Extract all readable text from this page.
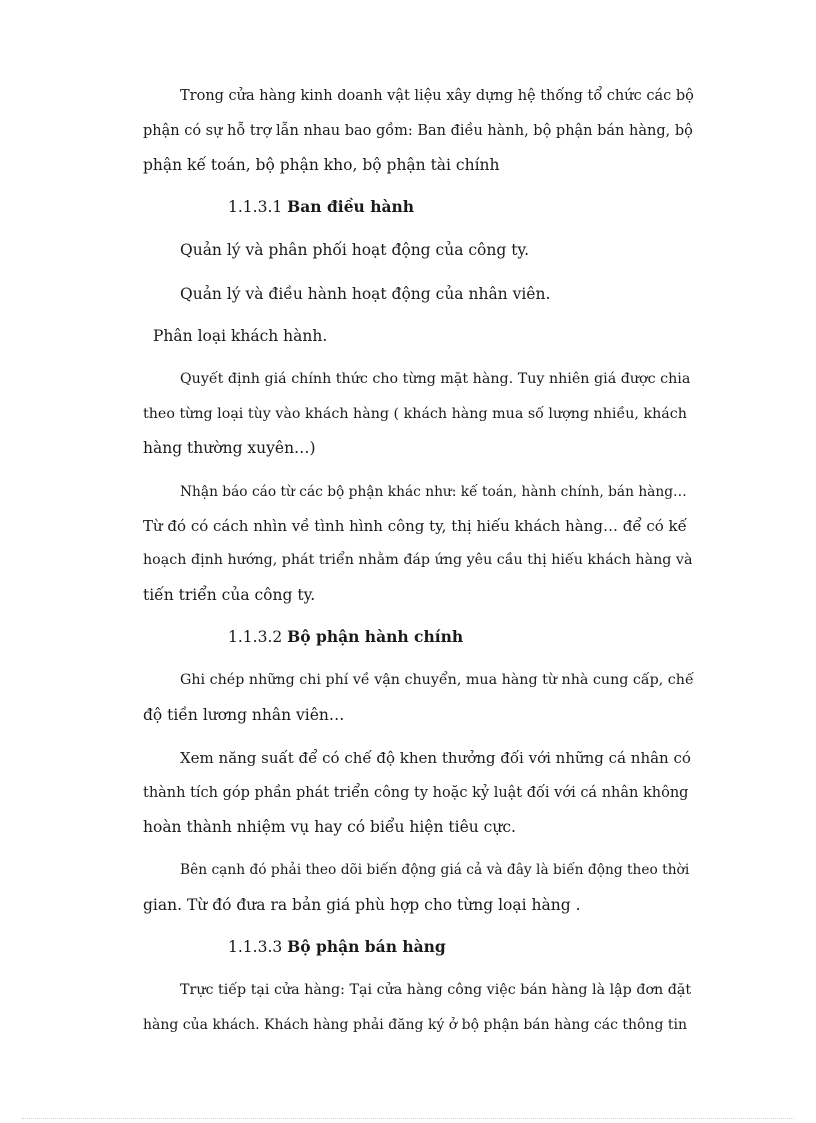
Trong cửa hàng kinh doanh vật liệu xây dựng hệ thống tổ chức các bộ
phận có sự hỗ trợ lẫn nhau bao gồm: Ban điều hành, bộ phận bán hàng, bộ
phận kế toán, bộ phận kho, bộ phận tài chính
1.1.3.1 Ban điều hành
Quản lý và phân phối hoạt động của công ty.
Quản lý và điều hành hoạt động của nhân viên.
Phân loại khách hành.
Quyết định giá chính thức cho từng mặt hàng. Tuy nhiên giá được chia
theo từng loại tùy vào khách hàng ( khách hàng mua số lượng nhiều, khách
hàng thường xuyên…)
Nhận báo cáo từ các bộ phận khác như: kế toán, hành chính, bán hàng…
Từ đó có cách nhìn về tình hình công ty, thị hiếu khách hàng… để có kế
hoạch định hướng, phát triển nhằm đáp ứng yêu cầu thị hiếu khách hàng và
tiến triển của công ty.
1.1.3.2 Bộ phận hành chính
Ghi chép những chi phí về vận chuyển, mua hàng từ nhà cung cấp, chế
độ tiền lương nhân viên…
Xem năng suất để có chế độ khen thưởng đối với những cá nhân có
thành tích góp phần phát triển công ty hoặc kỷ luật đối với cá nhân không
hoàn thành nhiệm vụ hay có biểu hiện tiêu cực.
Bên cạnh đó phải theo dõi biến động giá cả và đây là biến động theo thời
gian. Từ đó đưa ra bản giá phù hợp cho từng loại hàng .
1.1.3.3 Bộ phận bán hàng
Trực tiếp tại cửa hàng: Tại cửa hàng công việc bán hàng là lập đơn đặt
hàng của khách. Khách hàng phải đăng ký ở bộ phận bán hàng các thông tin
